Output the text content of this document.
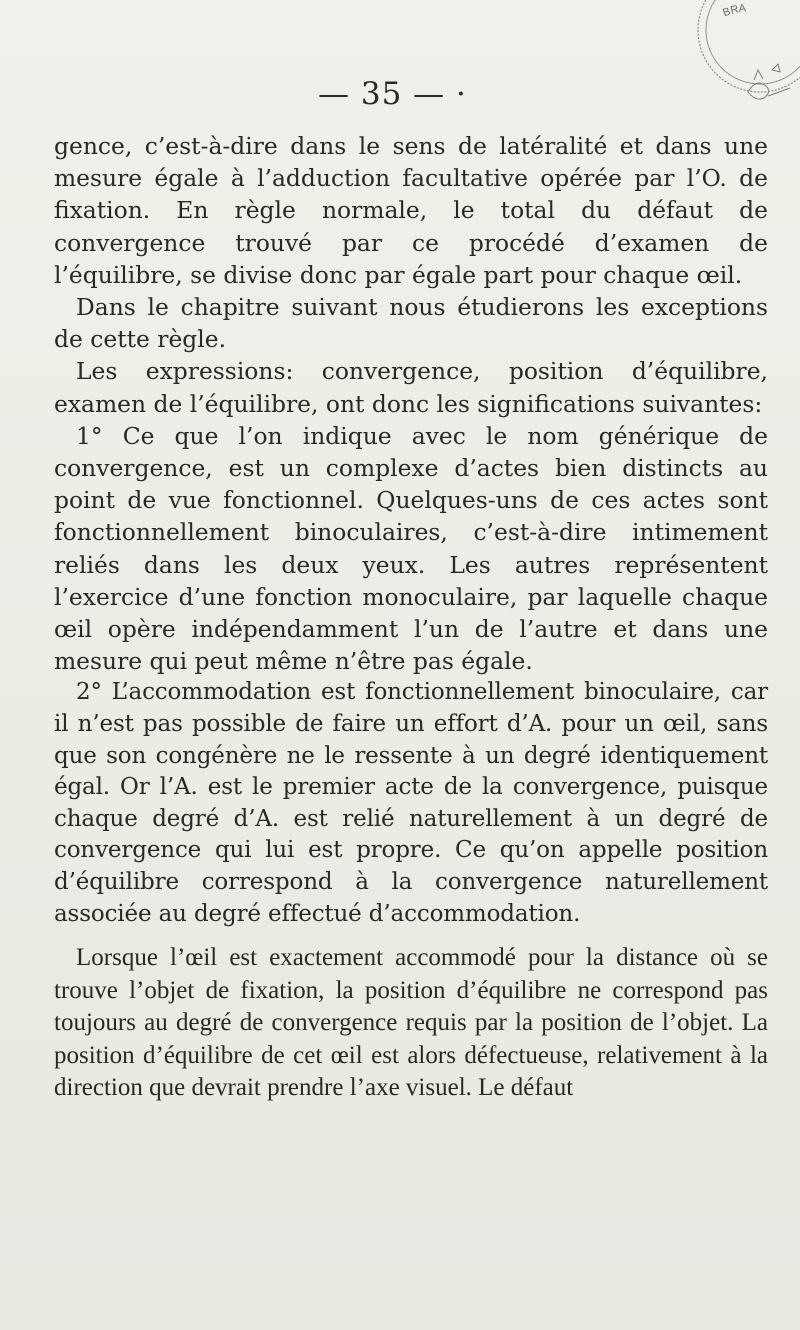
— 35 — ·
BRA

gence, c’est-à-dire dans le sens de latéralité et dans une mesure égale à l’adduction facultative opérée par l’O. de fixation. En règle normale, le total du défaut de convergence trouvé par ce procédé d’examen de l’équilibre, se divise donc par égale part pour chaque œil.

Dans le chapitre suivant nous étudierons les exceptions de cette règle.

Les expressions: convergence, position d’équilibre, examen de l’équilibre, ont donc les significations suivantes:

1° Ce que l’on indique avec le nom générique de convergence, est un complexe d’actes bien distincts au point de vue fonctionnel. Quelques-uns de ces actes sont fonctionnellement binoculaires, c’est-à-dire intimement reliés dans les deux yeux. Les autres représentent l’exercice d’une fonction monoculaire, par laquelle chaque œil opère indépendamment l’un de l’autre et dans une mesure qui peut même n’être pas égale.

2° L’accommodation est fonctionnellement binoculaire, car il n’est pas possible de faire un effort d’A. pour un œil, sans que son congénère ne le ressente à un degré identiquement égal. Or l’A. est le premier acte de la convergence, puisque chaque degré d’A. est relié naturellement à un degré de convergence qui lui est propre. Ce qu’on appelle position d’équilibre correspond à la convergence naturellement associée au degré effectué d’accommodation.

Lorsque l’œil est exactement accommodé pour la distance où se trouve l’objet de fixation, la position d’équilibre ne correspond pas toujours au degré de convergence requis par la position de l’objet. La position d’équilibre de cet œil est alors défectueuse, relativement à la direction que devrait prendre l’axe visuel. Le défaut
